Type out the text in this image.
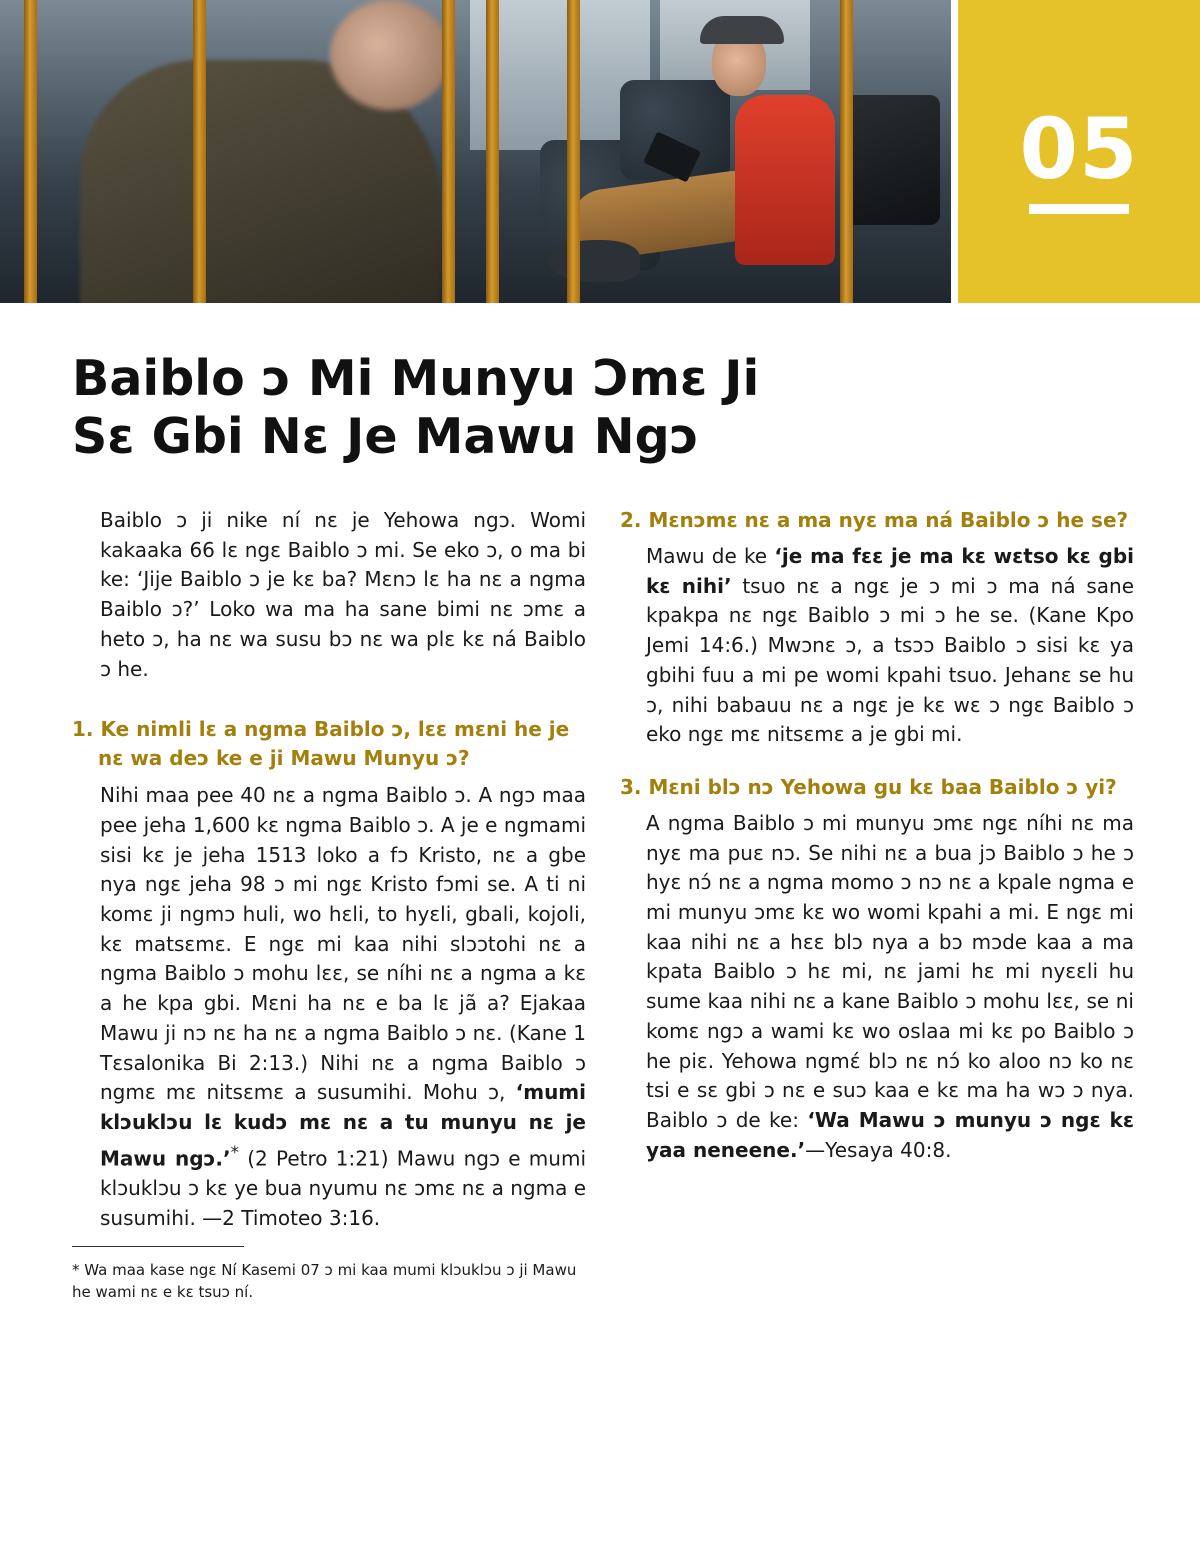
05
Baiblo ɔ Mi Munyu Ɔmɛ Ji
Sɛ Gbi Nɛ Je Mawu Ngɔ

Baiblo ɔ ji nike ní nɛ je Yehowa ngɔ. Womi kakaaka 66 lɛ ngɛ Baiblo ɔ mi. Se eko ɔ, o ma bi ke: ‘Jije Baiblo ɔ je kɛ ba? Mɛnɔ lɛ ha nɛ a ngma Baiblo ɔ?’ Loko wa ma ha sane bimi nɛ ɔmɛ a heto ɔ, ha nɛ wa susu bɔ nɛ wa plɛ kɛ ná Baiblo ɔ he.

1. Ke nimli lɛ a ngma Baiblo ɔ, lɛɛ mɛni he je nɛ wa deɔ ke e ji Mawu Munyu ɔ?

Nihi maa pee 40 nɛ a ngma Baiblo ɔ. A ngɔ maa pee jeha 1,600 kɛ ngma Baiblo ɔ. A je e ngmami sisi kɛ je jeha 1513 loko a fɔ Kristo, nɛ a gbe nya ngɛ jeha 98 ɔ mi ngɛ Kristo fɔmi se. A ti ni komɛ ji ngmɔ huli, wo hɛli, to hyɛli, gbali, kojoli, kɛ matsɛmɛ. E ngɛ mi kaa nihi slɔɔtohi nɛ a ngma Baiblo ɔ mohu lɛɛ, se níhi nɛ a ngma a kɛ a he kpa gbi. Mɛni ha nɛ e ba lɛ jã a? Ejakaa Mawu ji nɔ nɛ ha nɛ a ngma Baiblo ɔ nɛ. (Kane 1 Tɛsalonika Bi 2:13.) Nihi nɛ a ngma Baiblo ɔ ngmɛ mɛ nitsɛmɛ a susumihi. Mohu ɔ, ‘mumi klɔuklɔu lɛ kudɔ mɛ nɛ a tu munyu nɛ je Mawu ngɔ.’* (2 Petro 1:21) Mawu ngɔ e mumi klɔuklɔu ɔ kɛ ye bua nyumu nɛ ɔmɛ nɛ a ngma e susumihi. —2 Timoteo 3:16.

* Wa maa kase ngɛ Ní Kasemi 07 ɔ mi kaa mumi klɔuklɔu ɔ ji Mawu he wami nɛ e kɛ tsuɔ ní.

2. Mɛnɔmɛ nɛ a ma nyɛ ma ná Baiblo ɔ he se?

Mawu de ke ‘je ma fɛɛ je ma kɛ wɛtso kɛ gbi kɛ nihi’ tsuo nɛ a ngɛ je ɔ mi ɔ ma ná sane kpakpa nɛ ngɛ Baiblo ɔ mi ɔ he se. (Kane Kpo Jemi 14:6.) Mwɔnɛ ɔ, a tsɔɔ Baiblo ɔ sisi kɛ ya gbihi fuu a mi pe womi kpahi tsuo. Jehanɛ se hu ɔ, nihi babauu nɛ a ngɛ je kɛ wɛ ɔ ngɛ Baiblo ɔ eko ngɛ mɛ nitsɛmɛ a je gbi mi.

3. Mɛni blɔ nɔ Yehowa gu kɛ baa Baiblo ɔ yi?

A ngma Baiblo ɔ mi munyu ɔmɛ ngɛ níhi nɛ ma nyɛ ma puɛ nɔ. Se nihi nɛ a bua jɔ Baiblo ɔ he ɔ hyɛ nɔ́ nɛ a ngma momo ɔ nɔ nɛ a kpale ngma e mi munyu ɔmɛ kɛ wo womi kpahi a mi. E ngɛ mi kaa nihi nɛ a hɛɛ blɔ nya a bɔ mɔde kaa a ma kpata Baiblo ɔ hɛ mi, nɛ jami hɛ mi nyɛɛli hu sume kaa nihi nɛ a kane Baiblo ɔ mohu lɛɛ, se ni komɛ ngɔ a wami kɛ wo oslaa mi kɛ po Baiblo ɔ he piɛ. Yehowa ngmɛ́ blɔ nɛ nɔ́ ko aloo nɔ ko nɛ tsi e sɛ gbi ɔ nɛ e suɔ kaa e kɛ ma ha wɔ ɔ nya. Baiblo ɔ de ke: ‘Wa Mawu ɔ munyu ɔ ngɛ kɛ yaa neneene.’—Yesaya 40:8.
